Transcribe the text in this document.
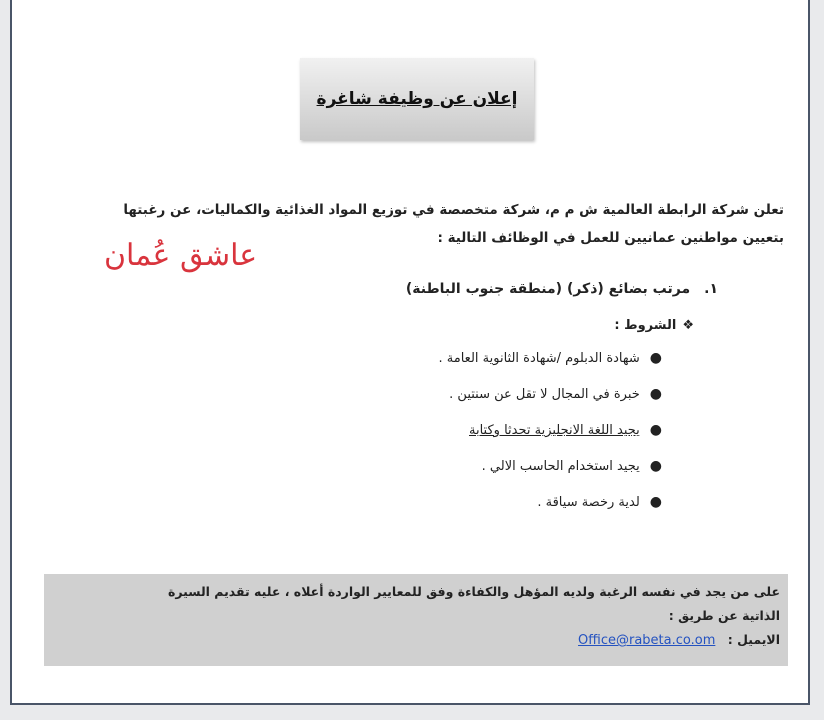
إعلان عن وظيفة شاغرة
تعلن شركة الرابطة العالمية ش م م، شركة متخصصة في توزيع المواد الغذائية والكماليات، عن رغبتها
بتعيين مواطنين عمانيين للعمل في الوظائف التالية :
عاشق عُمان
١.مرتب بضائع (ذكر) (منطقة جنوب الباطنة)
❖الشروط :
●شهادة الدبلوم /شهادة الثانوية العامة .
●خبرة في المجال لا تقل عن سنتين .
●يجيد اللغة الانجليزية تحدثا وكتابة
●يجيد استخدام الحاسب الالي .
●لدية رخصة سياقة .
على من يجد في نفسه الرغبة ولديه المؤهل والكفاءة وفق للمعايير الواردة أعلاه ، عليه تقديم السيرة
الذاتية عن طريق :
الايميل : Office@rabeta.co.om
